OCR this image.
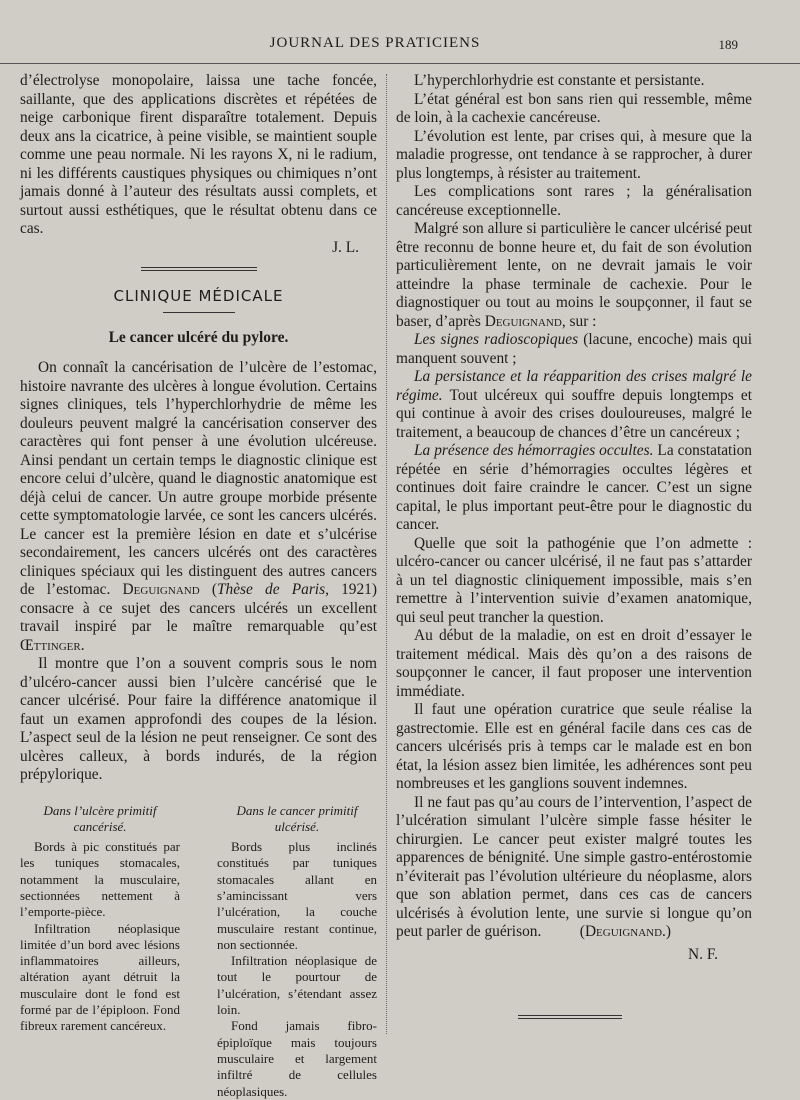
JOURNAL DES PRATICIENS	189

d’électrolyse monopolaire, laissa une tache foncée, saillante, que des applications discrètes et répétées de neige carbonique firent disparaître totalement. Depuis deux ans la cicatrice, à peine visible, se maintient souple comme une peau normale. Ni les rayons X, ni le radium, ni les différents caustiques physiques ou chimiques n’ont jamais donné à l’auteur des résultats aussi complets, et surtout aussi esthétiques, que le résultat obtenu dans ce cas.

J. L.
CLINIQUE MÉDICALE
Le cancer ulcéré du pylore.

On connaît la cancérisation de l’ulcère de l’estomac, histoire navrante des ulcères à longue évolution. Certains signes cliniques, tels l’hyperchlorhydrie de même les douleurs peuvent malgré la cancérisation conserver des caractères qui font penser à une évolution ulcéreuse. Ainsi pendant un certain temps le diagnostic clinique est encore celui d’ulcère, quand le diagnostic anatomique est déjà celui de cancer. Un autre groupe morbide présente cette symptomatologie larvée, ce sont les cancers ulcérés. Le cancer est la première lésion en date et s’ulcérise secondairement, les cancers ulcérés ont des caractères cliniques spéciaux qui les distinguent des autres cancers de l’estomac. Deguignand (Thèse de Paris, 1921) consacre à ce sujet des cancers ulcérés un excellent travail inspiré par le maître remarquable qu’est Œttinger.

Il montre que l’on a souvent compris sous le nom d’ulcéro-cancer aussi bien l’ulcère cancérisé que le cancer ulcérisé. Pour faire la différence anatomique il faut un examen approfondi des coupes de la lésion. L’aspect seul de la lésion ne peut renseigner. Ce sont des ulcères calleux, à bords indurés, de la région prépylorique.

Dans l’ulcère primitif cancérisé.

Bords à pic constitués par les tuniques stomacales, notamment la musculaire, sectionnées nettement à l’emporte-pièce.

Infiltration néoplasique limitée d’un bord avec lésions inflammatoires ailleurs, altération ayant détruit la musculaire dont le fond est formé par de l’épiploon. Fond fibreux rarement cancéreux.

Dans le cancer primitif ulcérisé.

Bords plus inclinés constitués par tuniques stomacales allant en s’amincissant vers l’ulcération, la couche musculaire restant continue, non sectionnée.

Infiltration néoplasique de tout le pourtour de l’ulcération, s’étendant assez loin.

Fond jamais fibro-épiploïque mais toujours musculaire et largement infiltré de cellules néoplasiques.

L’hyperchlorhydrie est constante et persistante.

L’état général est bon sans rien qui ressemble, même de loin, à la cachexie cancéreuse.

L’évolution est lente, par crises qui, à mesure que la maladie progresse, ont tendance à se rapprocher, à durer plus longtemps, à résister au traitement.

Les complications sont rares ; la généralisation cancéreuse exceptionnelle.

Malgré son allure si particulière le cancer ulcérisé peut être reconnu de bonne heure et, du fait de son évolution particulièrement lente, on ne devrait jamais le voir atteindre la phase terminale de cachexie. Pour le diagnostiquer ou tout au moins le soupçonner, il faut se baser, d’après Deguignand, sur :

Les signes radioscopiques (lacune, encoche) mais qui manquent souvent ;

La persistance et la réapparition des crises malgré le régime. Tout ulcéreux qui souffre depuis longtemps et qui continue à avoir des crises douloureuses, malgré le traitement, a beaucoup de chances d’être un cancéreux ;

La présence des hémorragies occultes. La constatation répétée en série d’hémorragies occultes légères et continues doit faire craindre le cancer. C’est un signe capital, le plus important peut-être pour le diagnostic du cancer.

Quelle que soit la pathogénie que l’on admette : ulcéro-cancer ou cancer ulcérisé, il ne faut pas s’attarder à un tel diagnostic cliniquement impossible, mais s’en remettre à l’intervention suivie d’examen anatomique, qui seul peut trancher la question.

Au début de la maladie, on est en droit d’essayer le traitement médical. Mais dès qu’on a des raisons de soupçonner le cancer, il faut proposer une intervention immédiate.

Il faut une opération curatrice que seule réalise la gastrectomie. Elle est en général facile dans ces cas de cancers ulcérisés pris à temps car le malade est en bon état, la lésion assez bien limitée, les adhérences sont peu nombreuses et les ganglions souvent indemnes.

Il ne faut pas qu’au cours de l’intervention, l’aspect de l’ulcération simulant l’ulcère simple fasse hésiter le chirurgien. Le cancer peut exister malgré toutes les apparences de bénignité. Une simple gastro-entérostomie n’éviterait pas l’évolution ultérieure du néoplasme, alors que son ablation permet, dans ces cas de cancers ulcérisés à évolution lente, une survie si longue qu’on peut parler de guérison. (Deguignand.)

N. F.
